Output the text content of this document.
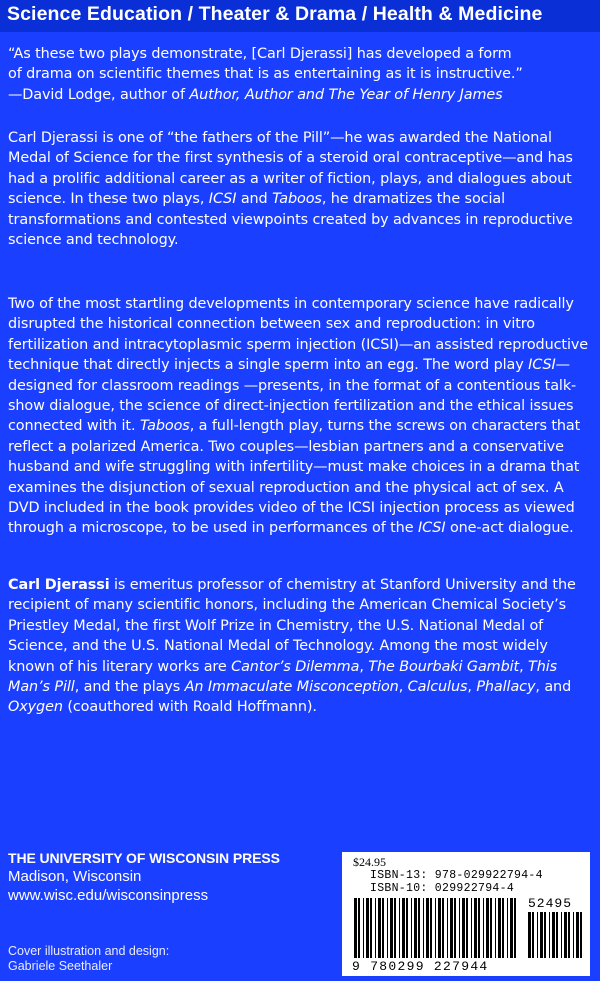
Science Education / Theater & Drama / Health & Medicine
“As these two plays demonstrate, [Carl Djerassi] has developed a form
of drama on scientific themes that is as entertaining as it is instructive.”
—David Lodge, author of Author, Author and The Year of Henry James
Carl Djerassi is one of “the fathers of the Pill”—he was awarded the National Medal of Science for the first synthesis of a steroid oral contraceptive—and has had a prolific additional career as a writer of fiction, plays, and dialogues about science. In these two plays, ICSI and Taboos, he dramatizes the social transformations and contested viewpoints created by advances in reproductive science and technology.
Two of the most startling developments in contemporary science have radically disrupted the historical connection between sex and reproduction: in vitro fertilization and intracytoplasmic sperm injection (ICSI)—an assisted reproductive technique that directly injects a single sperm into an egg. The word play ICSI—designed for classroom readings —presents, in the format of a contentious talk-show dialogue, the science of direct-injection fertilization and the ethical issues connected with it. Taboos, a full-length play, turns the screws on characters that reflect a polarized America. Two couples—lesbian partners and a conservative husband and wife struggling with infertility—must make choices in a drama that examines the disjunction of sexual reproduction and the physical act of sex. A DVD included in the book provides video of the ICSI injection process as viewed through a microscope, to be used in performances of the ICSI one-act dialogue.
Carl Djerassi is emeritus professor of chemistry at Stanford University and the recipient of many scientific honors, including the American Chemical Society’s Priestley Medal, the first Wolf Prize in Chemistry, the U.S. National Medal of Science, and the U.S. National Medal of Technology. Among the most widely known of his literary works are Cantor’s Dilemma, The Bourbaki Gambit, This Man’s Pill, and the plays An Immaculate Misconception, Calculus, Phallacy, and Oxygen (coauthored with Roald Hoffmann).
THE UNIVERSITY OF WISCONSIN PRESS
Madison, Wisconsin
www.wisc.edu/wisconsinpress
Cover illustration and design:
Gabriele Seethaler
$24.95
ISBN-13: 978-029922794-4
ISBN-10: 029922794-4
52495
9 780299 227944
